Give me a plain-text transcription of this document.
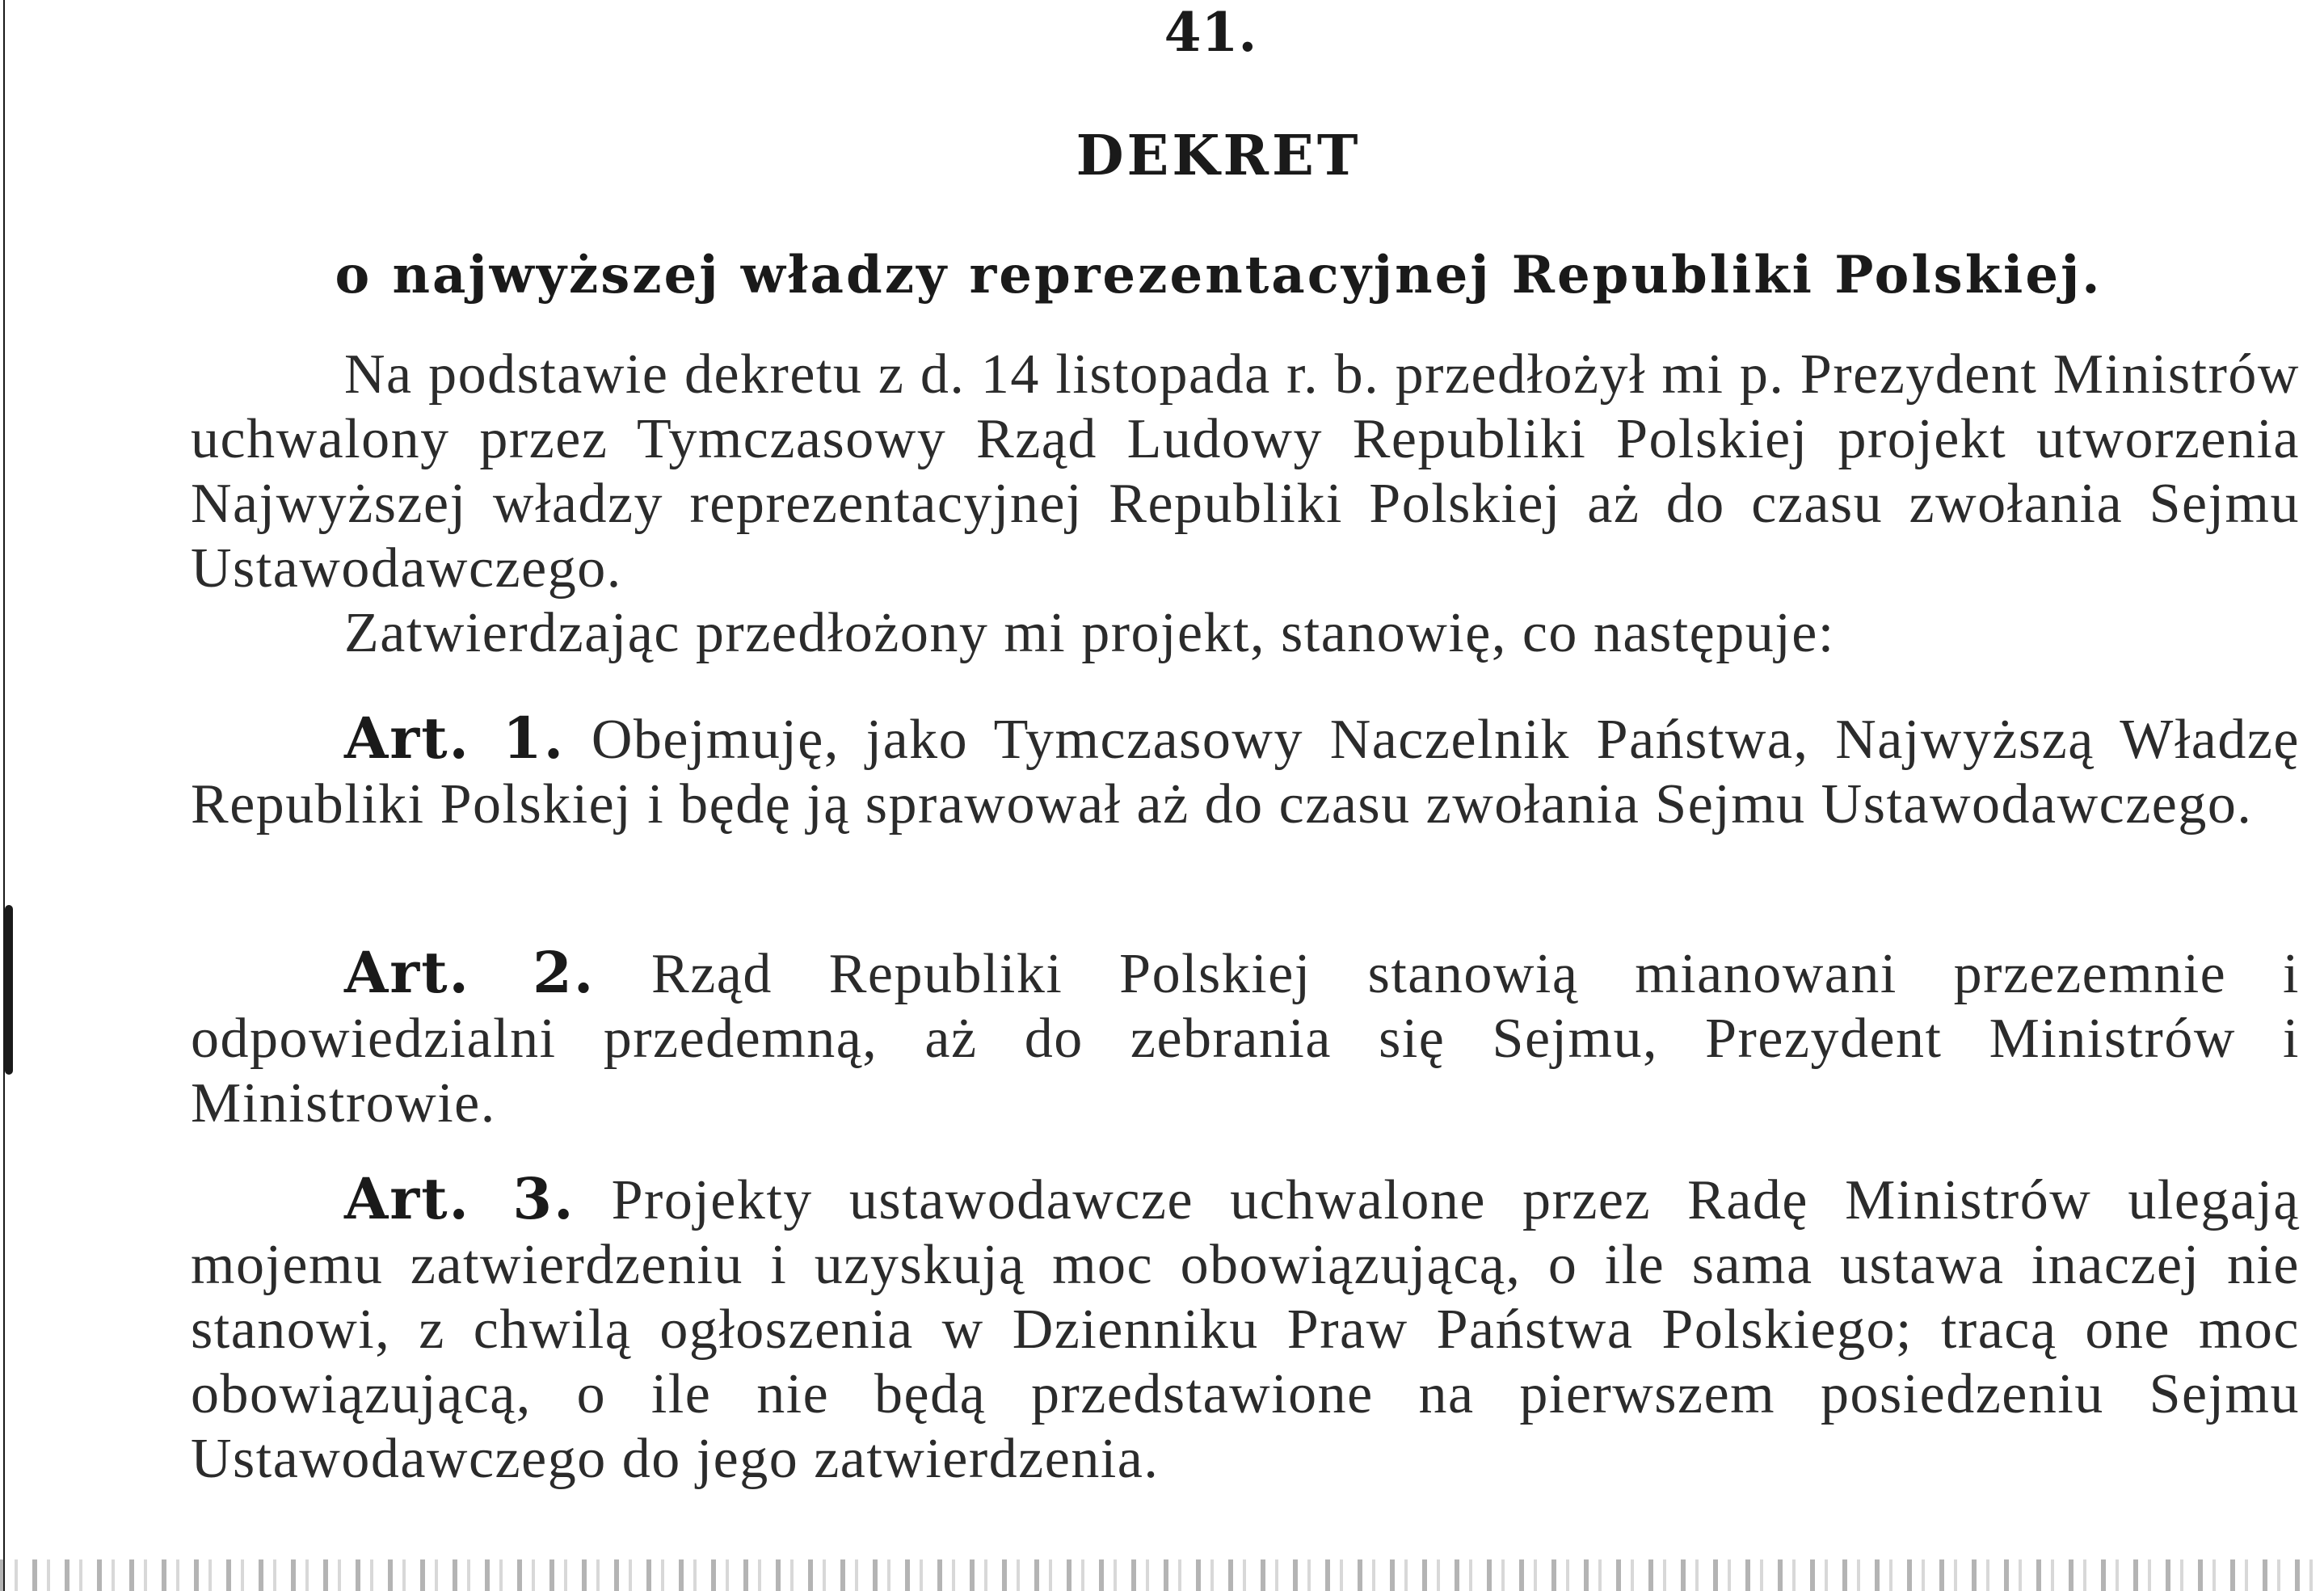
41.
DEKRET
o najwyższej władzy reprezentacyjnej Republiki Polskiej.
Na podstawie dekretu z d. 14 listopada r. b. przedłożył mi p. Prezydent Ministrów uchwalony przez Tymczasowy Rząd Ludowy Republiki Polskiej projekt utworzenia Najwyższej władzy reprezentacyjnej Republiki Polskiej aż do czasu zwołania Sejmu Ustawodawczego.
Zatwierdzając przedłożony mi projekt, stanowię, co następuje:
Art. 1. Obejmuję, jako Tymczasowy Naczelnik Państwa, Najwyższą Władzę Republiki Polskiej i będę ją sprawował aż do czasu zwołania Sejmu Ustawodawczego.
Art. 2. Rząd Republiki Polskiej stanowią mianowani przezemnie i odpowiedzialni przedemną, aż do zebrania się Sejmu, Prezydent Ministrów i Ministrowie.
Art. 3. Projekty ustawodawcze uchwalone przez Radę Ministrów ulegają mojemu zatwierdzeniu i uzyskują moc obowiązującą, o ile sama ustawa inaczej nie stanowi, z chwilą ogłoszenia w Dzienniku Praw Państwa Polskiego; tracą one moc obowiązującą, o ile nie będą przedstawione na pierwszem posiedzeniu Sejmu Ustawodawczego do jego zatwierdzenia.
